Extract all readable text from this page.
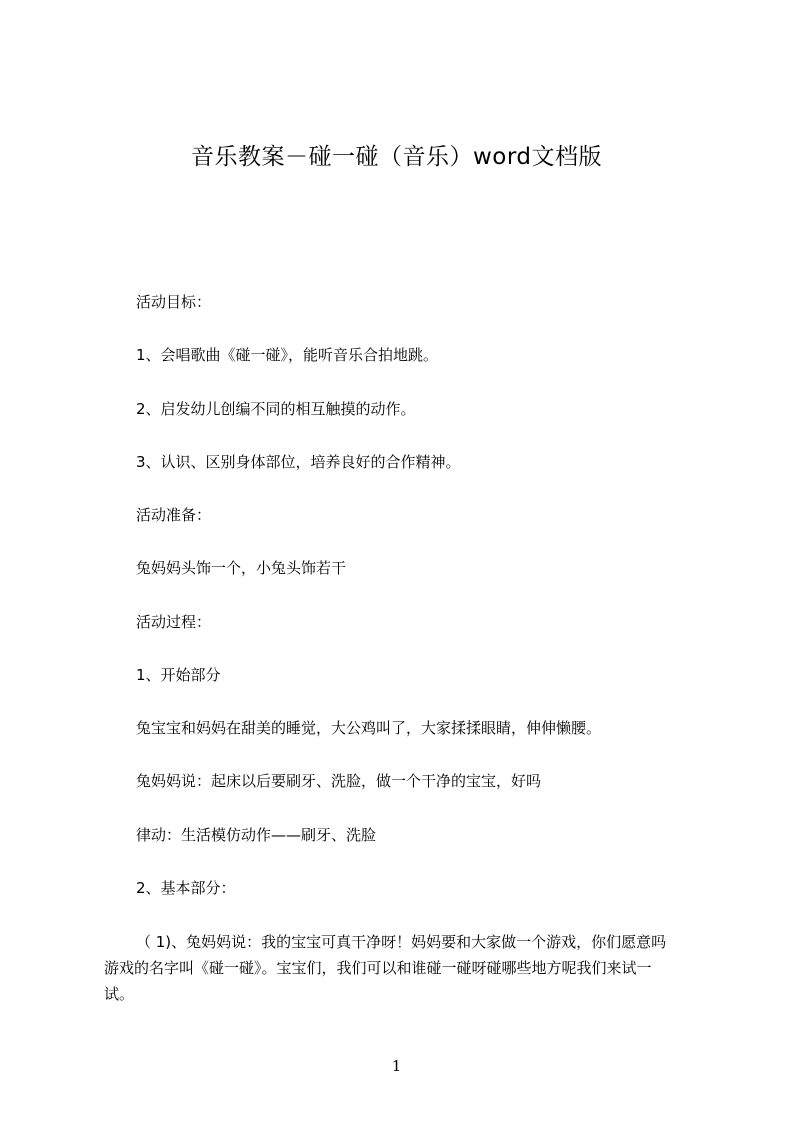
音乐教案－碰一碰（音乐）word文档版
活动目标：
1、会唱歌曲《碰一碰》，能听音乐合拍地跳。
2、启发幼儿创编不同的相互触摸的动作。
3、认识、区别身体部位，培养良好的合作精神。
活动准备：
兔妈妈头饰一个，小兔头饰若干
活动过程：
1、开始部分
兔宝宝和妈妈在甜美的睡觉，大公鸡叫了，大家揉揉眼睛，伸伸懒腰。
兔妈妈说：起床以后要刷牙、洗脸，做一个干净的宝宝，好吗
律动：生活模仿动作——刷牙、洗脸
2、基本部分：
（ 1)、兔妈妈说：我的宝宝可真干净呀！妈妈要和大家做一个游戏，你们愿意吗
游戏的名字叫《碰一碰》。宝宝们，我们可以和谁碰一碰呀碰哪些地方呢我们来试一
试。
1
